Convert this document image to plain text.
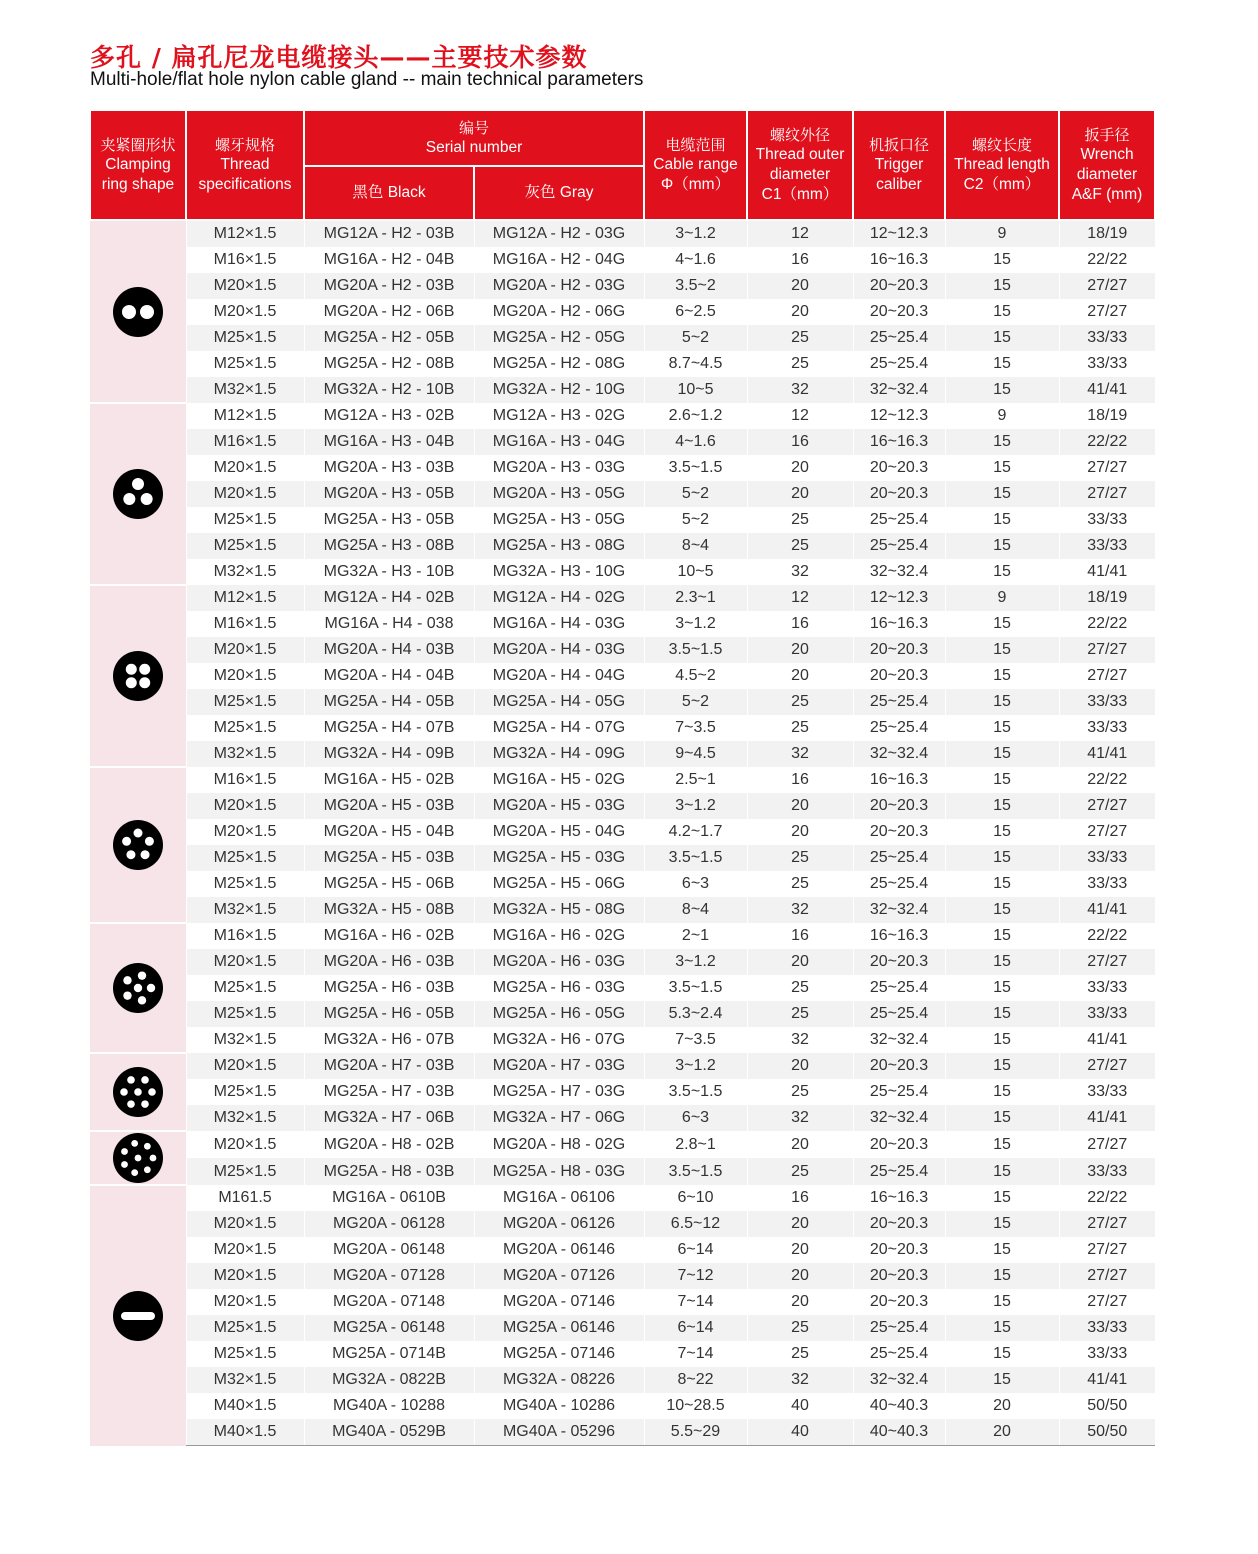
多孔 / 扁孔尼龙电缆接头——主要技术参数
Multi-hole/flat hole nylon cable gland -- main technical parameters
夹紧圈形状
Clamping
ring shape	螺牙规格
Thread
specifications	编号
Serial number		电缆范围
Cable range
Φ（mm）	螺纹外径
Thread outer
diameter
C1（mm）	机扳口径
Trigger
caliber	螺纹长度
Thread length
C2（mm）	扳手径
Wrench
diameter
A&F (mm)
		黑色 Black	灰色 Gray					

	M12×1.5	MG12A - H2 - 03B	MG12A - H2 - 03G	3~1.2	12	12~12.3	9	18/19
	M16×1.5	MG16A - H2 - 04B	MG16A - H2 - 04G	4~1.6	16	16~16.3	15	22/22
	M20×1.5	MG20A - H2 - 03B	MG20A - H2 - 03G	3.5~2	20	20~20.3	15	27/27
	M20×1.5	MG20A - H2 - 06B	MG20A - H2 - 06G	6~2.5	20	20~20.3	15	27/27
	M25×1.5	MG25A - H2 - 05B	MG25A - H2 - 05G	5~2	25	25~25.4	15	33/33
	M25×1.5	MG25A - H2 - 08B	MG25A - H2 - 08G	8.7~4.5	25	25~25.4	15	33/33
	M32×1.5	MG32A - H2 - 10B	MG32A - H2 - 10G	10~5	32	32~32.4	15	41/41

	M12×1.5	MG12A - H3 - 02B	MG12A - H3 - 02G	2.6~1.2	12	12~12.3	9	18/19
	M16×1.5	MG16A - H3 - 04B	MG16A - H3 - 04G	4~1.6	16	16~16.3	15	22/22
	M20×1.5	MG20A - H3 - 03B	MG20A - H3 - 03G	3.5~1.5	20	20~20.3	15	27/27
	M20×1.5	MG20A - H3 - 05B	MG20A - H3 - 05G	5~2	20	20~20.3	15	27/27
	M25×1.5	MG25A - H3 - 05B	MG25A - H3 - 05G	5~2	25	25~25.4	15	33/33
	M25×1.5	MG25A - H3 - 08B	MG25A - H3 - 08G	8~4	25	25~25.4	15	33/33
	M32×1.5	MG32A - H3 - 10B	MG32A - H3 - 10G	10~5	32	32~32.4	15	41/41

	M12×1.5	MG12A - H4 - 02B	MG12A - H4 - 02G	2.3~1	12	12~12.3	9	18/19
	M16×1.5	MG16A - H4 - 038	MG16A - H4 - 03G	3~1.2	16	16~16.3	15	22/22
	M20×1.5	MG20A - H4 - 03B	MG20A - H4 - 03G	3.5~1.5	20	20~20.3	15	27/27
	M20×1.5	MG20A - H4 - 04B	MG20A - H4 - 04G	4.5~2	20	20~20.3	15	27/27
	M25×1.5	MG25A - H4 - 05B	MG25A - H4 - 05G	5~2	25	25~25.4	15	33/33
	M25×1.5	MG25A - H4 - 07B	MG25A - H4 - 07G	7~3.5	25	25~25.4	15	33/33
	M32×1.5	MG32A - H4 - 09B	MG32A - H4 - 09G	9~4.5	32	32~32.4	15	41/41

	M16×1.5	MG16A - H5 - 02B	MG16A - H5 - 02G	2.5~1	16	16~16.3	15	22/22
	M20×1.5	MG20A - H5 - 03B	MG20A - H5 - 03G	3~1.2	20	20~20.3	15	27/27
	M20×1.5	MG20A - H5 - 04B	MG20A - H5 - 04G	4.2~1.7	20	20~20.3	15	27/27
	M25×1.5	MG25A - H5 - 03B	MG25A - H5 - 03G	3.5~1.5	25	25~25.4	15	33/33
	M25×1.5	MG25A - H5 - 06B	MG25A - H5 - 06G	6~3	25	25~25.4	15	33/33
	M32×1.5	MG32A - H5 - 08B	MG32A - H5 - 08G	8~4	32	32~32.4	15	41/41

	M16×1.5	MG16A - H6 - 02B	MG16A - H6 - 02G	2~1	16	16~16.3	15	22/22
	M20×1.5	MG20A - H6 - 03B	MG20A - H6 - 03G	3~1.2	20	20~20.3	15	27/27
	M25×1.5	MG25A - H6 - 03B	MG25A - H6 - 03G	3.5~1.5	25	25~25.4	15	33/33
	M25×1.5	MG25A - H6 - 05B	MG25A - H6 - 05G	5.3~2.4	25	25~25.4	15	33/33
	M32×1.5	MG32A - H6 - 07B	MG32A - H6 - 07G	7~3.5	32	32~32.4	15	41/41

	M20×1.5	MG20A - H7 - 03B	MG20A - H7 - 03G	3~1.2	20	20~20.3	15	27/27
	M25×1.5	MG25A - H7 - 03B	MG25A - H7 - 03G	3.5~1.5	25	25~25.4	15	33/33
	M32×1.5	MG32A - H7 - 06B	MG32A - H7 - 06G	6~3	32	32~32.4	15	41/41

	M20×1.5	MG20A - H8 - 02B	MG20A - H8 - 02G	2.8~1	20	20~20.3	15	27/27
	M25×1.5	MG25A - H8 - 03B	MG25A - H8 - 03G	3.5~1.5	25	25~25.4	15	33/33

	M161.5	MG16A - 0610B	MG16A - 06106	6~10	16	16~16.3	15	22/22
	M20×1.5	MG20A - 06128	MG20A - 06126	6.5~12	20	20~20.3	15	27/27
	M20×1.5	MG20A - 06148	MG20A - 06146	6~14	20	20~20.3	15	27/27
	M20×1.5	MG20A - 07128	MG20A - 07126	7~12	20	20~20.3	15	27/27
	M20×1.5	MG20A - 07148	MG20A - 07146	7~14	20	20~20.3	15	27/27
	M25×1.5	MG25A - 06148	MG25A - 06146	6~14	25	25~25.4	15	33/33
	M25×1.5	MG25A - 0714B	MG25A - 07146	7~14	25	25~25.4	15	33/33
	M32×1.5	MG32A - 0822B	MG32A - 08226	8~22	32	32~32.4	15	41/41
	M40×1.5	MG40A - 10288	MG40A - 10286	10~28.5	40	40~40.3	20	50/50
	M40×1.5	MG40A - 0529B	MG40A - 05296	5.5~29	40	40~40.3	20	50/50
